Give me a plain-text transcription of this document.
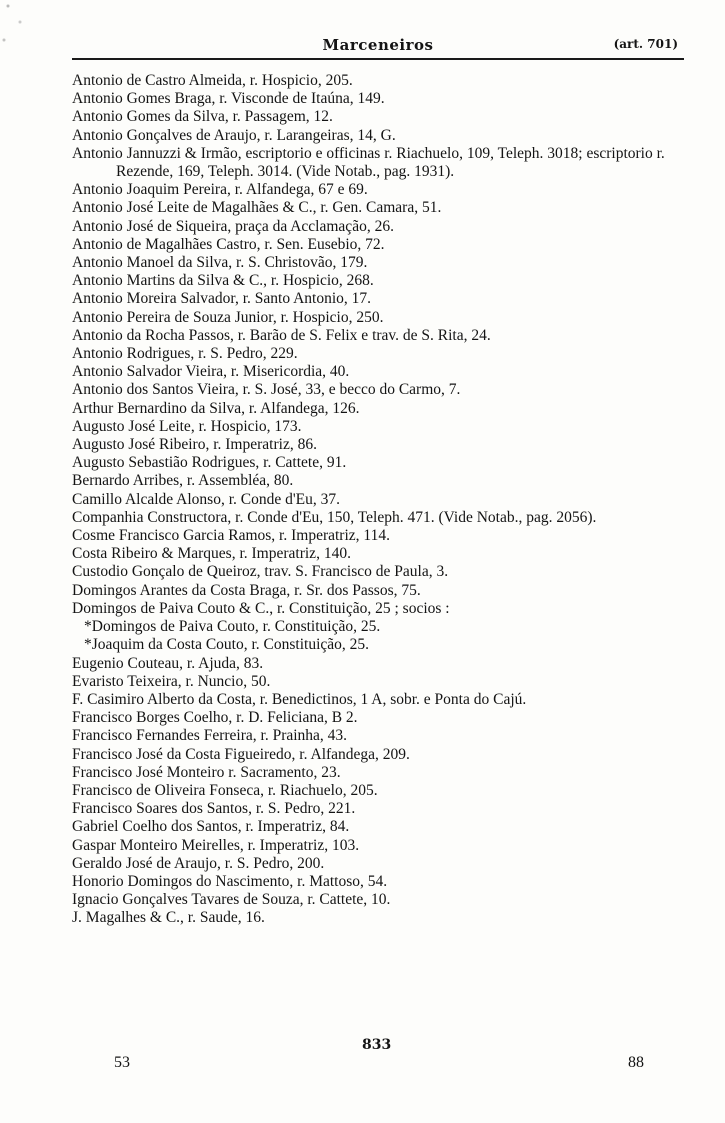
Marceneiros	(art. 701)
Antonio de Castro Almeida, r. Hospicio, 205.
Antonio Gomes Braga, r. Visconde de Itaúna, 149.
Antonio Gomes da Silva, r. Passagem, 12.
Antonio Gonçalves de Araujo, r. Larangeiras, 14, G.
Antonio Jannuzzi & Irmão, escriptorio e officinas r. Riachuelo, 109, Teleph. 3018; escriptorio r. Rezende, 169, Teleph. 3014. (Vide Notab., pag. 1931).
Antonio Joaquim Pereira, r. Alfandega, 67 e 69.
Antonio José Leite de Magalhães & C., r. Gen. Camara, 51.
Antonio José de Siqueira, praça da Acclamação, 26.
Antonio de Magalhães Castro, r. Sen. Eusebio, 72.
Antonio Manoel da Silva, r. S. Christovão, 179.
Antonio Martins da Silva & C., r. Hospicio, 268.
Antonio Moreira Salvador, r. Santo Antonio, 17.
Antonio Pereira de Souza Junior, r. Hospicio, 250.
Antonio da Rocha Passos, r. Barão de S. Felix e trav. de S. Rita, 24.
Antonio Rodrigues, r. S. Pedro, 229.
Antonio Salvador Vieira, r. Misericordia, 40.
Antonio dos Santos Vieira, r. S. José, 33, e becco do Carmo, 7.
Arthur Bernardino da Silva, r. Alfandega, 126.
Augusto José Leite, r. Hospicio, 173.
Augusto José Ribeiro, r. Imperatriz, 86.
Augusto Sebastião Rodrigues, r. Cattete, 91.
Bernardo Arribes, r. Assembléa, 80.
Camillo Alcalde Alonso, r. Conde d'Eu, 37.
Companhia Constructora, r. Conde d'Eu, 150, Teleph. 471. (Vide Notab., pag. 2056).
Cosme Francisco Garcia Ramos, r. Imperatriz, 114.
Costa Ribeiro & Marques, r. Imperatriz, 140.
Custodio Gonçalo de Queiroz, trav. S. Francisco de Paula, 3.
Domingos Arantes da Costa Braga, r. Sr. dos Passos, 75.
Domingos de Paiva Couto & C., r. Constituição, 25 ; socios :
*Domingos de Paiva Couto, r. Constituição, 25.
*Joaquim da Costa Couto, r. Constituição, 25.
Eugenio Couteau, r. Ajuda, 83.
Evaristo Teixeira, r. Nuncio, 50.
F. Casimiro Alberto da Costa, r. Benedictinos, 1 A, sobr. e Ponta do Cajú.
Francisco Borges Coelho, r. D. Feliciana, B 2.
Francisco Fernandes Ferreira, r. Prainha, 43.
Francisco José da Costa Figueiredo, r. Alfandega, 209.
Francisco José Monteiro r. Sacramento, 23.
Francisco de Oliveira Fonseca, r. Riachuelo, 205.
Francisco Soares dos Santos, r. S. Pedro, 221.
Gabriel Coelho dos Santos, r. Imperatriz, 84.
Gaspar Monteiro Meirelles, r. Imperatriz, 103.
Geraldo José de Araujo, r. S. Pedro, 200.
Honorio Domingos do Nascimento, r. Mattoso, 54.
Ignacio Gonçalves Tavares de Souza, r. Cattete, 10.
J. Magalhes & C., r. Saude, 16.
53
833
88
